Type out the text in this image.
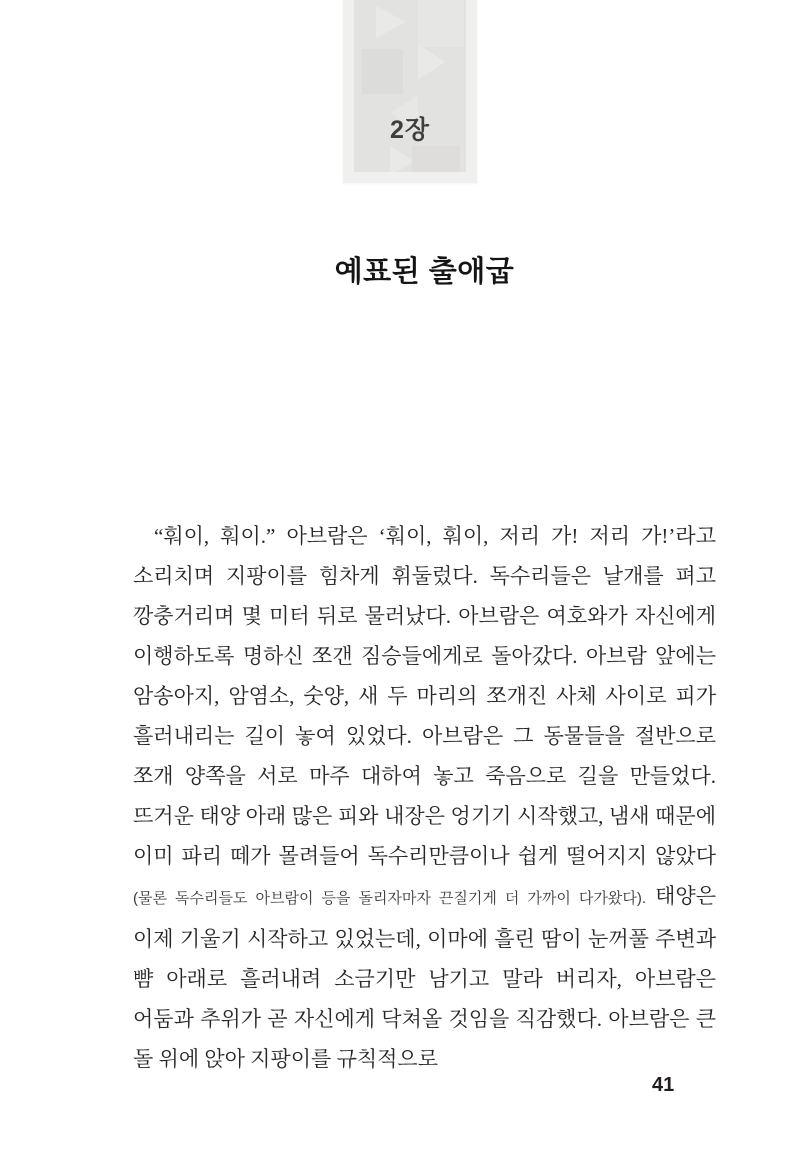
2장
예표된 출애굽

“훠이, 훠이.” 아브람은 ‘훠이, 훠이, 저리 가! 저리 가!’라고 소리치며 지팡이를 힘차게 휘둘렀다. 독수리들은 날개를 펴고 깡충거리며 몇 미터 뒤로 물러났다. 아브람은 여호와가 자신에게 이행하도록 명하신 쪼갠 짐승들에게로 돌아갔다. 아브람 앞에는 암송아지, 암염소, 숫양, 새 두 마리의 쪼개진 사체 사이로 피가 흘러내리는 길이 놓여 있었다. 아브람은 그 동물들을 절반으로 쪼개 양쪽을 서로 마주 대하여 놓고 죽음으로 길을 만들었다. 뜨거운 태양 아래 많은 피와 내장은 엉기기 시작했고, 냄새 때문에 이미 파리 떼가 몰려들어 독수리만큼이나 쉽게 떨어지지 않았다(물론 독수리들도 아브람이 등을 돌리자마자 끈질기게 더 가까이 다가왔다). 태양은 이제 기울기 시작하고 있었는데, 이마에 흘린 땀이 눈꺼풀 주변과 뺨 아래로 흘러내려 소금기만 남기고 말라 버리자, 아브람은 어둠과 추위가 곧 자신에게 닥쳐올 것임을 직감했다. 아브람은 큰 돌 위에 앉아 지팡이를 규칙적으로

41
